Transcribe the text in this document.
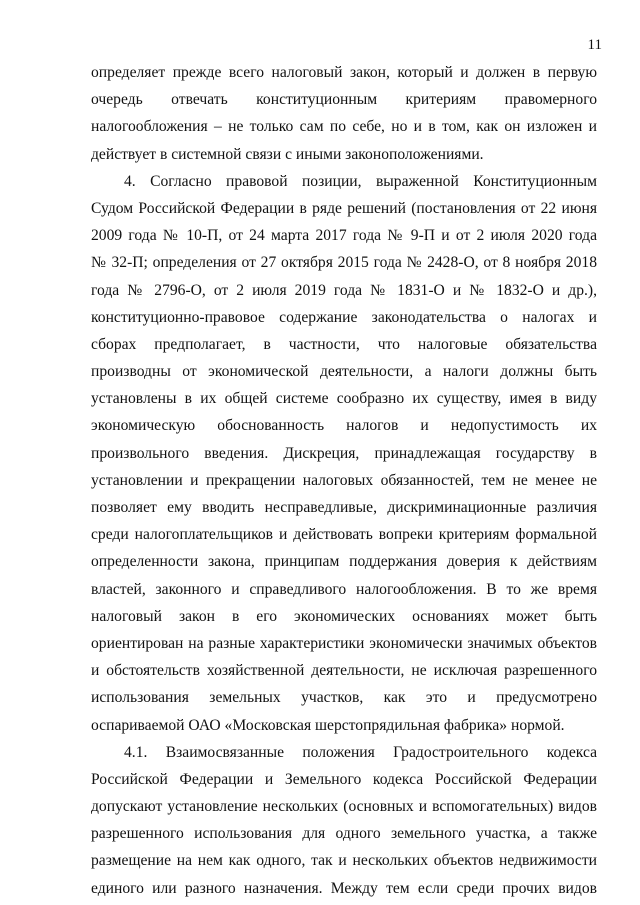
11
определяет прежде всего налоговый закон, который и должен в первую
очередь отвечать конституционным критериям правомерного
налогообложения – не только сам по себе, но и в том, как он изложен и
действует в системной связи с иными законоположениями.
4. Согласно правовой позиции, выраженной Конституционным
Судом Российской Федерации в ряде решений (постановления от 22 июня
2009 года № 10-П, от 24 марта 2017 года № 9-П и от 2 июля 2020 года
№ 32-П; определения от 27 октября 2015 года № 2428-О, от 8 ноября 2018
года № 2796-О, от 2 июля 2019 года № 1831-О и № 1832-О и др.),
конституционно-правовое содержание законодательства о налогах и
сборах предполагает, в частности, что налоговые обязательства
производны от экономической деятельности, а налоги должны быть
установлены в их общей системе сообразно их существу, имея в виду
экономическую обоснованность налогов и недопустимость их
произвольного введения. Дискреция, принадлежащая государству в
установлении и прекращении налоговых обязанностей, тем не менее не
позволяет ему вводить несправедливые, дискриминационные различия
среди налогоплательщиков и действовать вопреки критериям формальной
определенности закона, принципам поддержания доверия к действиям
властей, законного и справедливого налогообложения. В то же время
налоговый закон в его экономических основаниях может быть
ориентирован на разные характеристики экономически значимых объектов
и обстоятельств хозяйственной деятельности, не исключая разрешенного
использования земельных участков, как это и предусмотрено
оспариваемой ОАО «Московская шерстопрядильная фабрика» нормой.
4.1. Взаимосвязанные положения Градостроительного кодекса
Российской Федерации и Земельного кодекса Российской Федерации
допускают установление нескольких (основных и вспомогательных) видов
разрешенного использования для одного земельного участка, а также
размещение на нем как одного, так и нескольких объектов недвижимости
единого или разного назначения. Между тем если среди прочих видов
